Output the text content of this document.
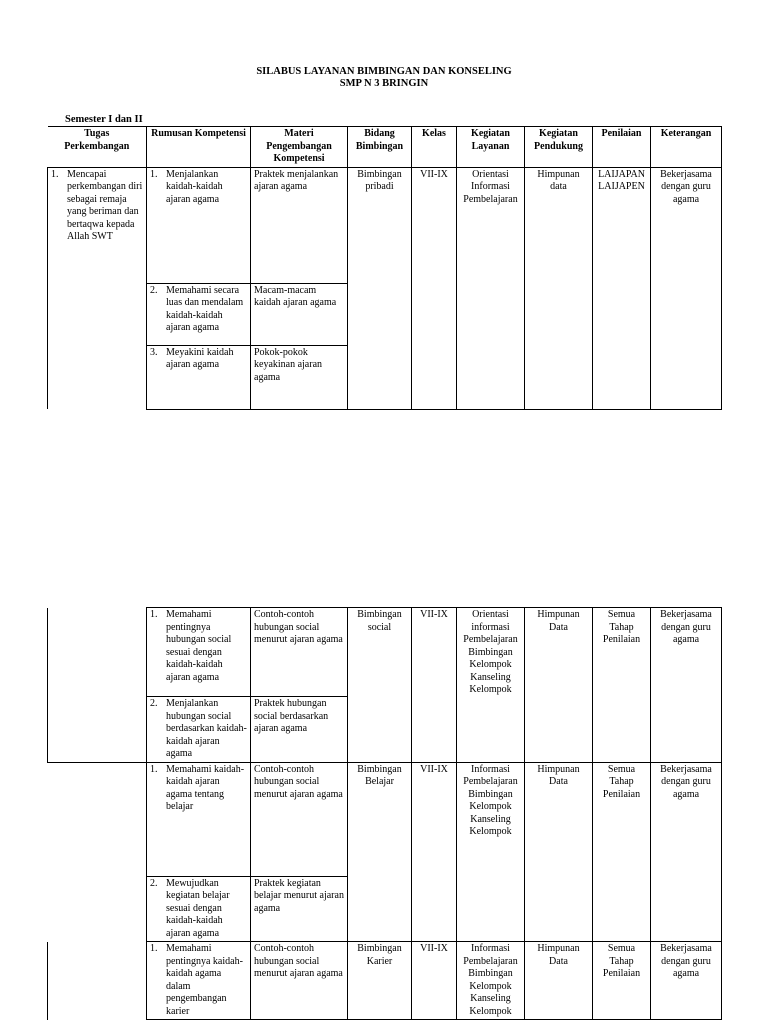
SILABUS LAYANAN BIMBINGAN DAN KONSELING
SMP N 3 BRINGIN
Semester I dan II
Tugas Perkembangan	Rumusan Kompetensi	Materi Pengembangan Kompetensi	Bidang Bimbingan	Kelas	Kegiatan Layanan	Kegiatan Pendukung	Penilaian	Keterangan

1. Mencapai perkembangan diri sebagai remaja yang beriman dan bertaqwa kepada Allah SWT	1. Menjalankan kaidah-kaidah ajaran agama	Praktek menjalankan ajaran agama	Bimbingan pribadi	VII-IX	Orientasi Informasi Pembelajaran	Himpunan data	LAIJAPAN LAIJAPEN	Bekerjasama dengan guru agama

	2. Memahami secara luas dan mendalam kaidah-kaidah ajaran agama	Macam-macam kaidah ajaran agama						

	3. Meyakini kaidah ajaran agama	Pokok-pokok keyakinan ajaran agama						

	1. Memahami pentingnya hubungan social sesuai dengan kaidah-kaidah ajaran agama	Contoh-contoh hubungan social menurut ajaran agama	Bimbingan social	VII-IX	Orientasi informasi Pembelajaran Bimbingan Kelompok Kanseling Kelompok	Himpunan Data	Semua Tahap Penilaian	Bekerjasama dengan guru agama

	2. Menjalankan hubungan social berdasarkan kaidah-kaidah ajaran agama	Praktek hubungan social berdasarkan ajaran agama						

	1. Memahami kaidah-kaidah ajaran agama tentang belajar	Contoh-contoh hubungan social menurut ajaran agama	Bimbingan Belajar	VII-IX	Informasi Pembelajaran Bimbingan Kelompok Kanseling Kelompok	Himpunan Data	Semua Tahap Penilaian	Bekerjasama dengan guru agama

	2. Mewujudkan kegiatan belajar sesuai dengan kaidah-kaidah ajaran agama	Praktek kegiatan belajar menurut ajaran agama						

	1. Memahami pentingnya kaidah-kaidah agama dalam pengembangan karier	Contoh-contoh hubungan social menurut ajaran agama	Bimbingan Karier	VII-IX	Informasi Pembelajaran Bimbingan Kelompok Kanseling Kelompok	Himpunan Data	Semua Tahap Penilaian	Bekerjasama dengan guru agama
